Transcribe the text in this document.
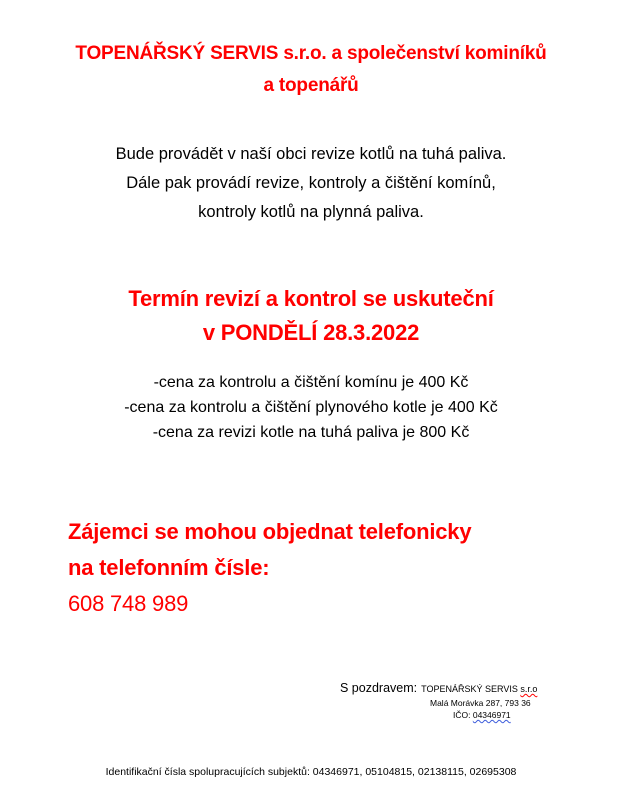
TOPENÁŘSKÝ SERVIS s.r.o. a společenství kominíků
a topenářů
Bude provádět v naší obci revize kotlů na tuhá paliva.
Dále pak provádí revize, kontroly a čištění komínů,
kontroly kotlů na plynná paliva.
Termín revizí a kontrol se uskuteční
v PONDĚLÍ 28.3.2022
-cena za kontrolu a čištění komínu je 400 Kč
-cena za kontrolu a čištění plynového kotle je 400 Kč
-cena za revizi kotle na tuhá paliva je 800 Kč
Zájemci se mohou objednat telefonicky
na telefonním čísle:
608 748 989
S pozdravem: TOPENÁŘSKÝ SERVIS s.r.o
Malá Morávka 287, 793 36
IČO: 04346971
Identifikační čísla spolupracujících subjektů: 04346971, 05104815, 02138115, 02695308
